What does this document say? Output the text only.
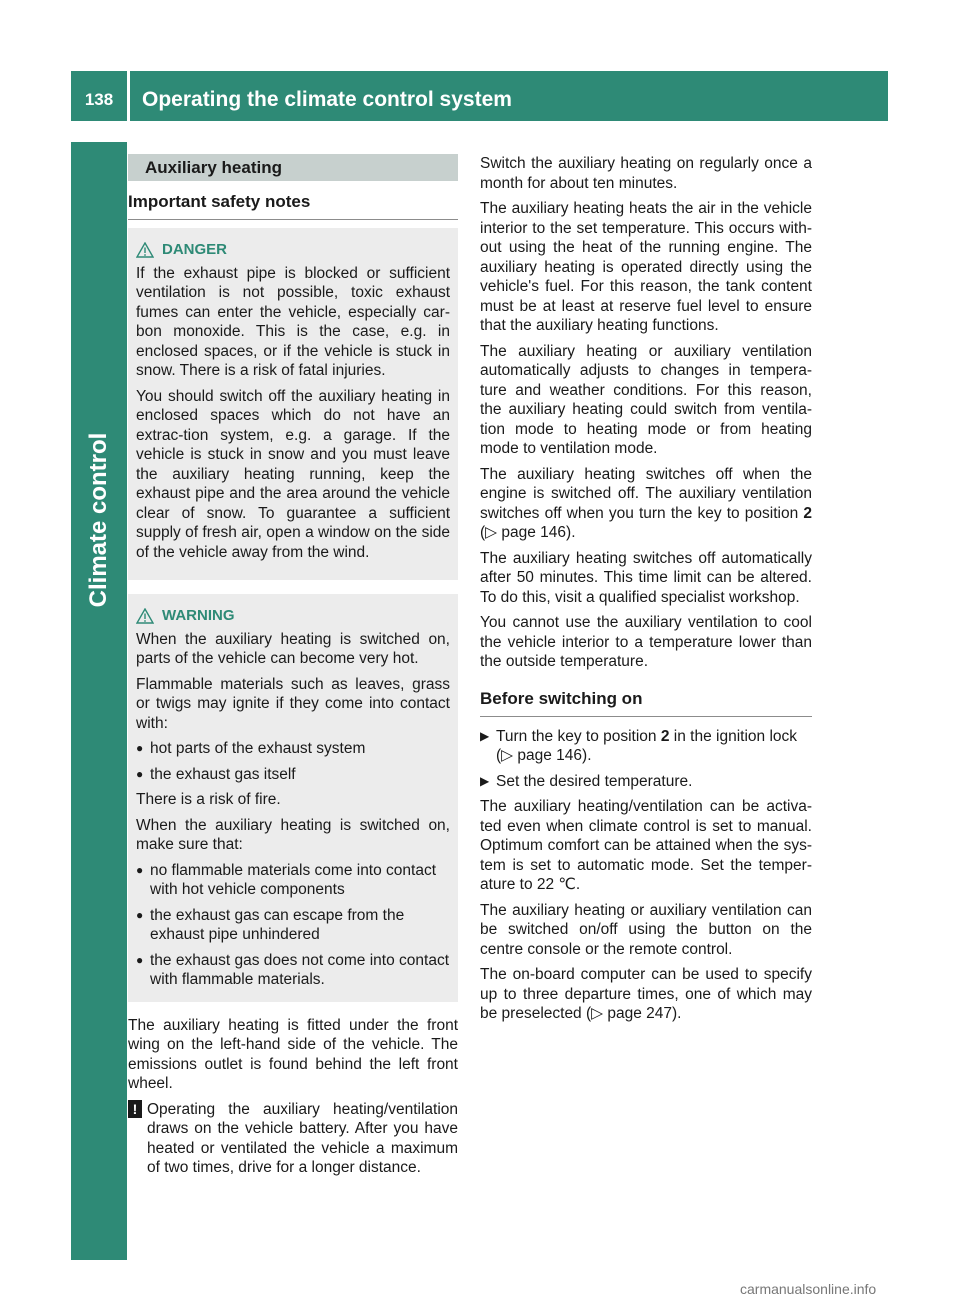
138	Operating the climate control system
Climate control
Auxiliary heating
Important safety notes
DANGER

If the exhaust pipe is blocked or sufficient ventilation is not possible, toxic exhaust fumes can enter the vehicle, especially car-bon monoxide. This is the case, e.g. in enclosed spaces, or if the vehicle is stuck in snow. There is a risk of fatal injuries.

You should switch off the auxiliary heating in enclosed spaces which do not have an extrac-tion system, e.g. a garage. If the vehicle is stuck in snow and you must leave the auxiliary heating running, keep the exhaust pipe and the area around the vehicle clear of snow. To guarantee a sufficient supply of fresh air, open a window on the side of the vehicle away from the wind.

WARNING

When the auxiliary heating is switched on, parts of the vehicle can become very hot.

Flammable materials such as leaves, grass or twigs may ignite if they come into contact with:

● hot parts of the exhaust system
● the exhaust gas itself

There is a risk of fire.

When the auxiliary heating is switched on, make sure that:

● no flammable materials come into contact with hot vehicle components
● the exhaust gas can escape from the exhaust pipe unhindered
● the exhaust gas does not come into contact with flammable materials.

The auxiliary heating is fitted under the front wing on the left-hand side of the vehicle. The emissions outlet is found behind the left front wheel.

! Operating the auxiliary heating/ventilation draws on the vehicle battery. After you have heated or ventilated the vehicle a maximum of two times, drive for a longer distance.

Switch the auxiliary heating on regularly once a month for about ten minutes.

The auxiliary heating heats the air in the vehicle interior to the set temperature. This occurs with-out using the heat of the running engine. The auxiliary heating is operated directly using the vehicle's fuel. For this reason, the tank content must be at least at reserve fuel level to ensure that the auxiliary heating functions.

The auxiliary heating or auxiliary ventilation automatically adjusts to changes in tempera-ture and weather conditions. For this reason, the auxiliary heating could switch from ventila-tion mode to heating mode or from heating mode to ventilation mode.

The auxiliary heating switches off when the engine is switched off. The auxiliary ventilation switches off when you turn the key to position 2 (▷ page 146).

The auxiliary heating switches off automatically after 50 minutes. This time limit can be altered. To do this, visit a qualified specialist workshop.

You cannot use the auxiliary ventilation to cool the vehicle interior to a temperature lower than the outside temperature.

Before switching on
▶ Turn the key to position 2 in the ignition lock (▷ page 146).
▶ Set the desired temperature.

The auxiliary heating/ventilation can be activa-ted even when climate control is set to manual. Optimum comfort can be attained when the sys-tem is set to automatic mode. Set the temper-ature to 22 ℃.

The auxiliary heating or auxiliary ventilation can be switched on/off using the button on the centre console or the remote control.

The on-board computer can be used to specify up to three departure times, one of which may be preselected (▷ page 247).

carmanualsonline.info
